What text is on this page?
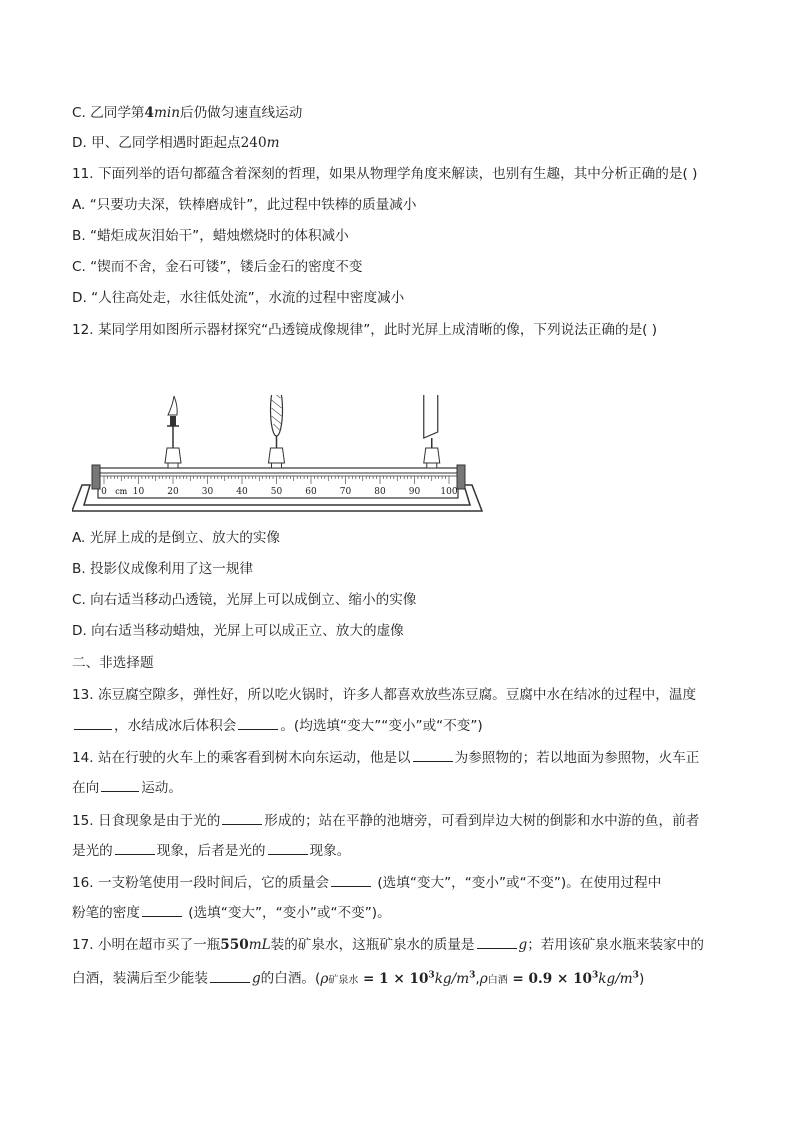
C. 乙同学第4min后仍做匀速直线运动
D. 甲、乙同学相遇时距起点240m
11. 下面列举的语句都蕴含着深刻的哲理，如果从物理学角度来解读，也别有生趣，其中分析正确的是( )
A. “只要功夫深，铁棒磨成针”，此过程中铁棒的质量减小
B. “蜡炬成灰泪始干”，蜡烛燃烧时的体积减小
C. “锲而不舍，金石可镂”，镂后金石的密度不变
D. “人往高处走，水往低处流”，水流的过程中密度减小
12. 某同学用如图所示器材探究“凸透镜成像规律”，此时光屏上成清晰的像，下列说法正确的是( )
0	10	20	30	40	50	60	70	80	90 100
cm
A. 光屏上成的是倒立、放大的实像
B. 投影仪成像利用了这一规律
C. 向右适当移动凸透镜，光屏上可以成倒立、缩小的实像
D. 向右适当移动蜡烛，光屏上可以成正立、放大的虚像
二、非选择题
13. 冻豆腐空隙多，弹性好，所以吃火锅时，许多人都喜欢放些冻豆腐。豆腐中水在结冰的过程中，温度
，水结成冰后体积会	。(均选填“变大”“变小”或“不变”)
14. 站在行驶的火车上的乘客看到树木向东运动，他是以	为参照物的；若以地面为参照物，火车正
在向	运动。
15. 日食现象是由于光的	形成的；站在平静的池塘旁，可看到岸边大树的倒影和水中游的鱼，前者
是光的	现象，后者是光的	现象。
16. 一支粉笔使用一段时间后，它的质量会	(选填“变大”，“变小”或“不变”)。在使用过程中
粉笔的密度	(选填“变大”，“变小”或“不变”)。
17. 小明在超市买了一瓶550mL装的矿泉水，这瓶矿泉水的质量是	g；若用该矿泉水瓶来装家中的
白酒，装满后至少能装	g的白酒。(ρ矿泉水 = $1 \times 10^3kg/m^3,\rho$白酒 = $0.9 \times 10^3kg/m^3$)
